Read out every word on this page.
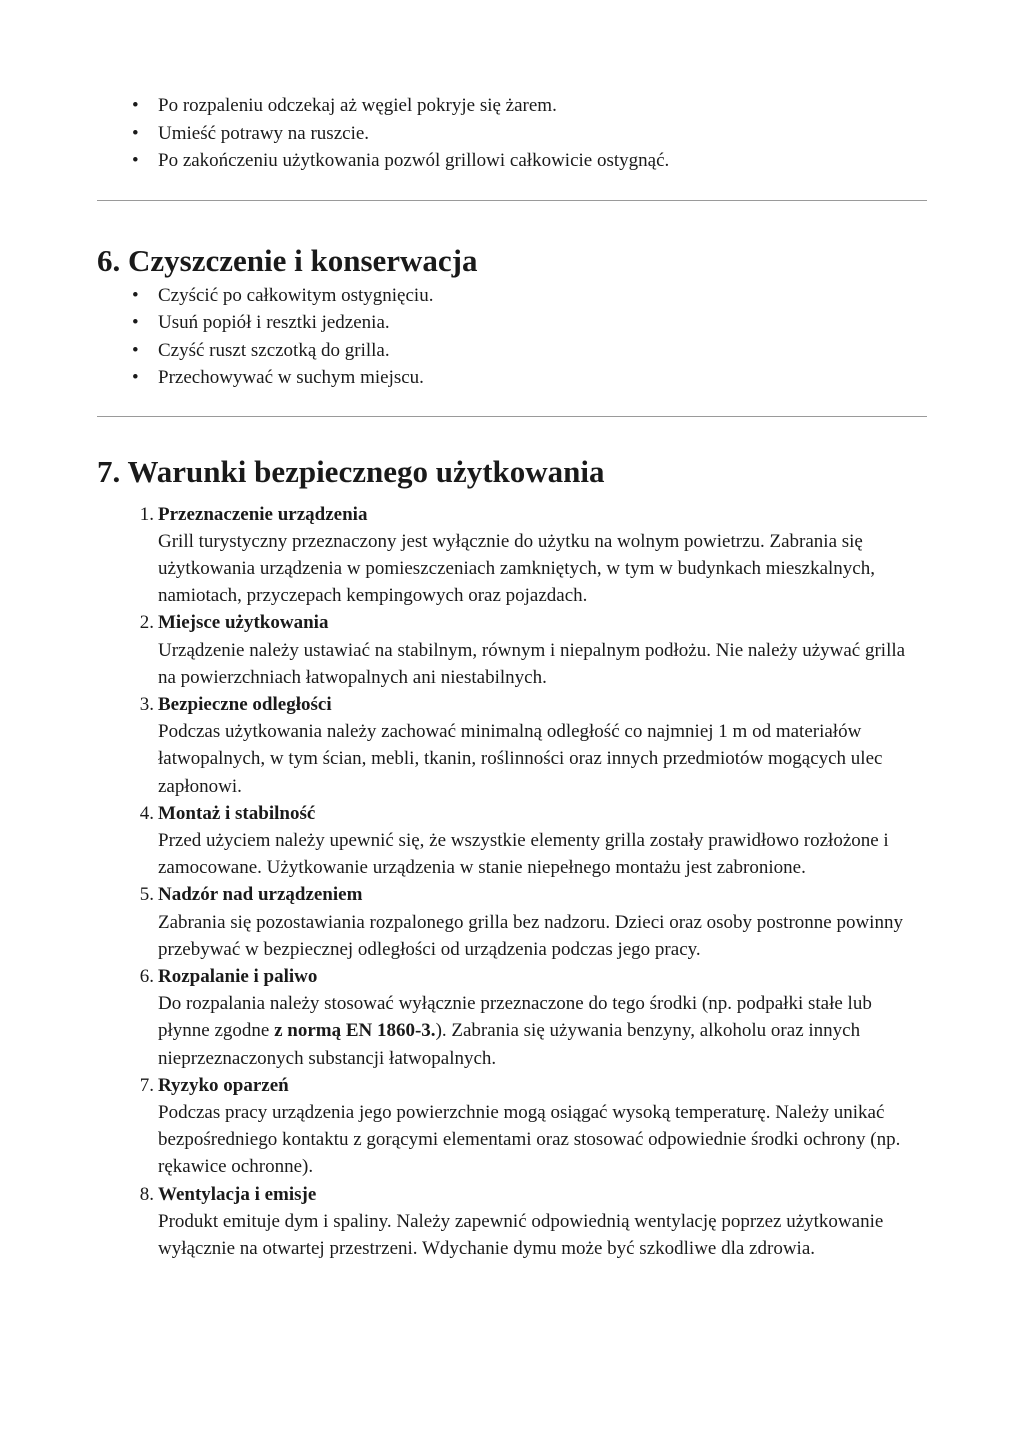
• Po rozpaleniu odczekaj aż węgiel pokryje się żarem.
• Umieść potrawy na ruszcie.
• Po zakończeniu użytkowania pozwól grillowi całkowicie ostygnąć.
6. Czyszczenie i konserwacja
• Czyścić po całkowitym ostygnięciu.
• Usuń popiół i resztki jedzenia.
• Czyść ruszt szczotką do grilla.
• Przechowywać w suchym miejscu.
7. Warunki bezpiecznego użytkowania
1. Przeznaczenie urządzenia
Grill turystyczny przeznaczony jest wyłącznie do użytku na wolnym powietrzu. Zabrania się użytkowania urządzenia w pomieszczeniach zamkniętych, w tym w budynkach mieszkalnych, namiotach, przyczepach kempingowych oraz pojazdach.
2. Miejsce użytkowania
Urządzenie należy ustawiać na stabilnym, równym i niepalnym podłożu. Nie należy używać grilla na powierzchniach łatwopalnych ani niestabilnych.
3. Bezpieczne odległości
Podczas użytkowania należy zachować minimalną odległość co najmniej 1 m od materiałów łatwopalnych, w tym ścian, mebli, tkanin, roślinności oraz innych przedmiotów mogących ulec zapłonowi.
4. Montaż i stabilność
Przed użyciem należy upewnić się, że wszystkie elementy grilla zostały prawidłowo rozłożone i zamocowane. Użytkowanie urządzenia w stanie niepełnego montażu jest zabronione.
5. Nadzór nad urządzeniem
Zabrania się pozostawiania rozpalonego grilla bez nadzoru. Dzieci oraz osoby postronne powinny przebywać w bezpiecznej odległości od urządzenia podczas jego pracy.
6. Rozpalanie i paliwo
Do rozpalania należy stosować wyłącznie przeznaczone do tego środki (np. podpałki stałe lub płynne zgodne z normą EN 1860-3.). Zabrania się używania benzyny, alkoholu oraz innych nieprzeznaczonych substancji łatwopalnych.
7. Ryzyko oparzeń
Podczas pracy urządzenia jego powierzchnie mogą osiągać wysoką temperaturę. Należy unikać bezpośredniego kontaktu z gorącymi elementami oraz stosować odpowiednie środki ochrony (np. rękawice ochronne).
8. Wentylacja i emisje
Produkt emituje dym i spaliny. Należy zapewnić odpowiednią wentylację poprzez użytkowanie wyłącznie na otwartej przestrzeni. Wdychanie dymu może być szkodliwe dla zdrowia.
